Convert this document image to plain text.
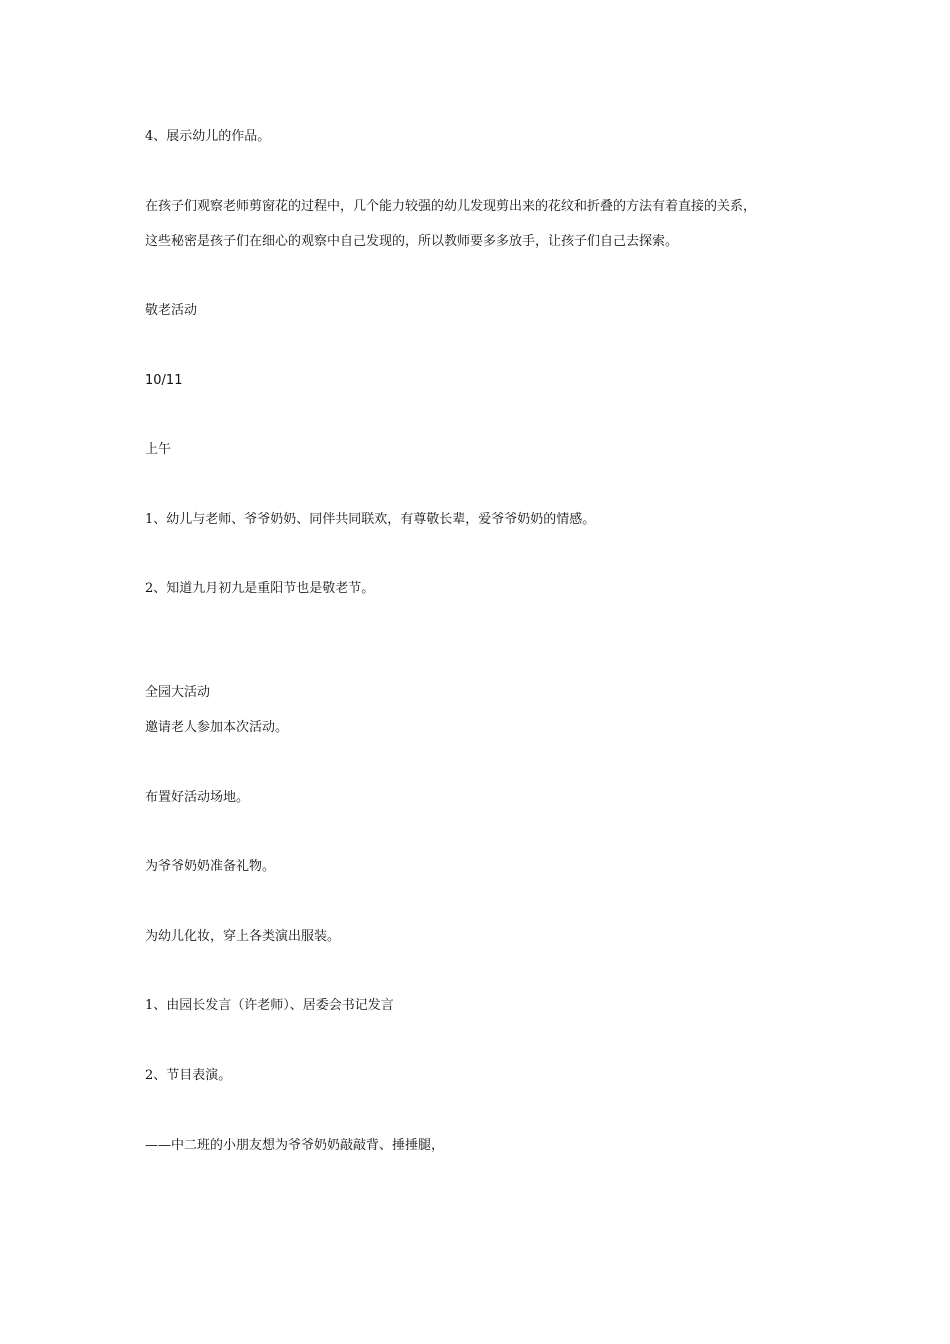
4、展示幼儿的作品。
在孩子们观察老师剪窗花的过程中，几个能力较强的幼儿发现剪出来的花纹和折叠的方法有着直接的关系，
这些秘密是孩子们在细心的观察中自己发现的，所以教师要多多放手，让孩子们自己去探索。
敬老活动
10/11
上午
1、幼儿与老师、爷爷奶奶、同伴共同联欢，有尊敬长辈，爱爷爷奶奶的情感。
2、知道九月初九是重阳节也是敬老节。
全园大活动
邀请老人参加本次活动。
布置好活动场地。
为爷爷奶奶准备礼物。
为幼儿化妆，穿上各类演出服装。
1、由园长发言（许老师）、居委会书记发言
2、节目表演。
——中二班的小朋友想为爷爷奶奶敲敲背、捶捶腿，
